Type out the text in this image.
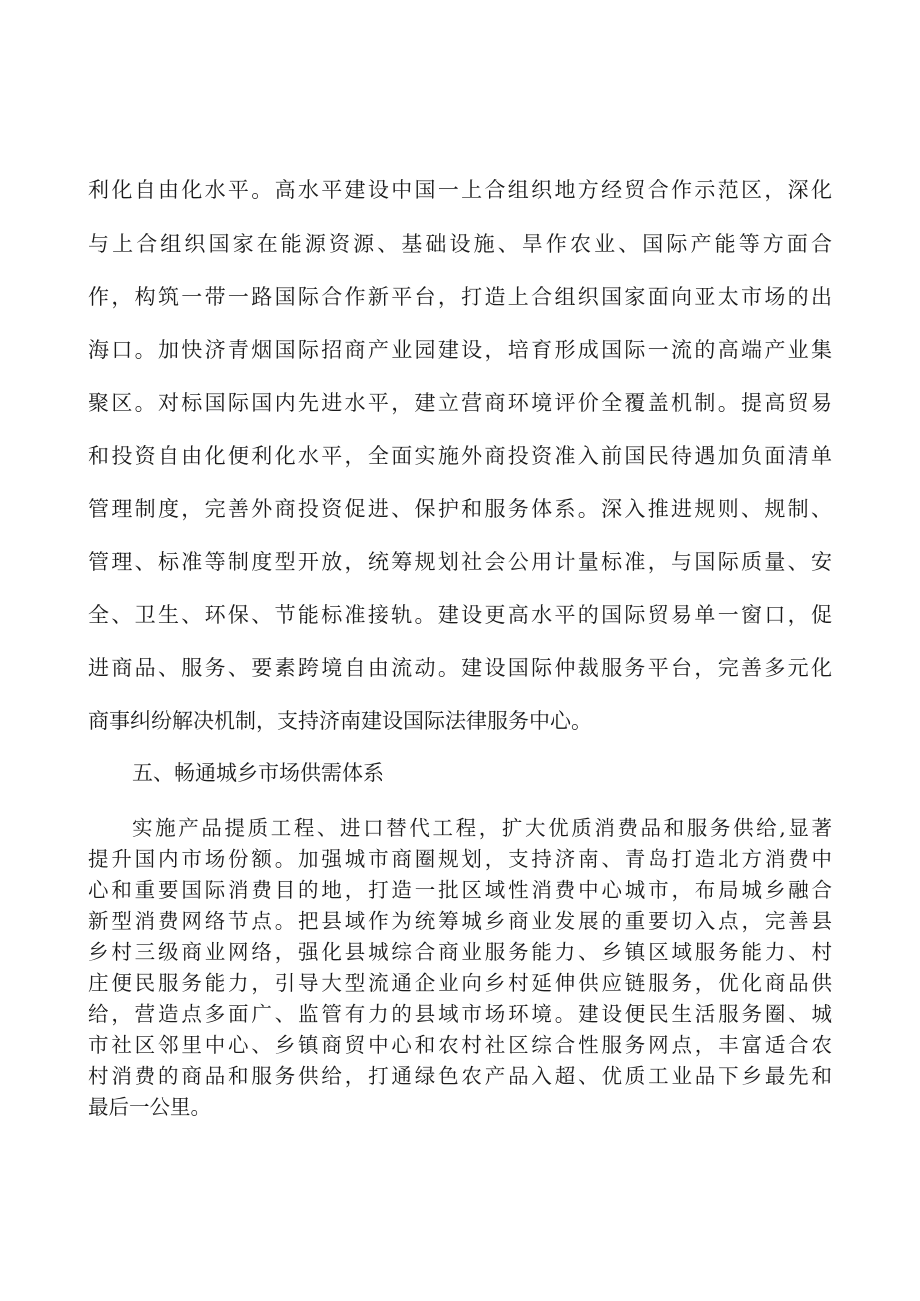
利化自由化水平。高水平建设中国一上合组织地方经贸合作示范区，深化
与上合组织国家在能源资源、基础设施、旱作农业、国际产能等方面合
作，构筑一带一路国际合作新平台，打造上合组织国家面向亚太市场的出
海口。加快济青烟国际招商产业园建设，培育形成国际一流的高端产业集
聚区。对标国际国内先进水平，建立营商环境评价全覆盖机制。提高贸易
和投资自由化便利化水平，全面实施外商投资准入前国民待遇加负面清单
管理制度，完善外商投资促进、保护和服务体系。深入推进规则、规制、
管理、标准等制度型开放，统筹规划社会公用计量标准，与国际质量、安
全、卫生、环保、节能标准接轨。建设更高水平的国际贸易单一窗口，促
进商品、服务、要素跨境自由流动。建设国际仲裁服务平台，完善多元化
商事纠纷解决机制，支持济南建设国际法律服务中心。
五、畅通城乡市场供需体系
实施产品提质工程、进口替代工程，扩大优质消费品和服务供给,显著
提升国内市场份额。加强城市商圈规划，支持济南、青岛打造北方消费中
心和重要国际消费目的地，打造一批区域性消费中心城市，布局城乡融合
新型消费网络节点。把县域作为统筹城乡商业发展的重要切入点，完善县
乡村三级商业网络，强化县城综合商业服务能力、乡镇区域服务能力、村
庄便民服务能力，引导大型流通企业向乡村延伸供应链服务，优化商品供
给，营造点多面广、监管有力的县域市场环境。建设便民生活服务圈、城
市社区邻里中心、乡镇商贸中心和农村社区综合性服务网点，丰富适合农
村消费的商品和服务供给，打通绿色农产品入超、优质工业品下乡最先和
最后一公里。
